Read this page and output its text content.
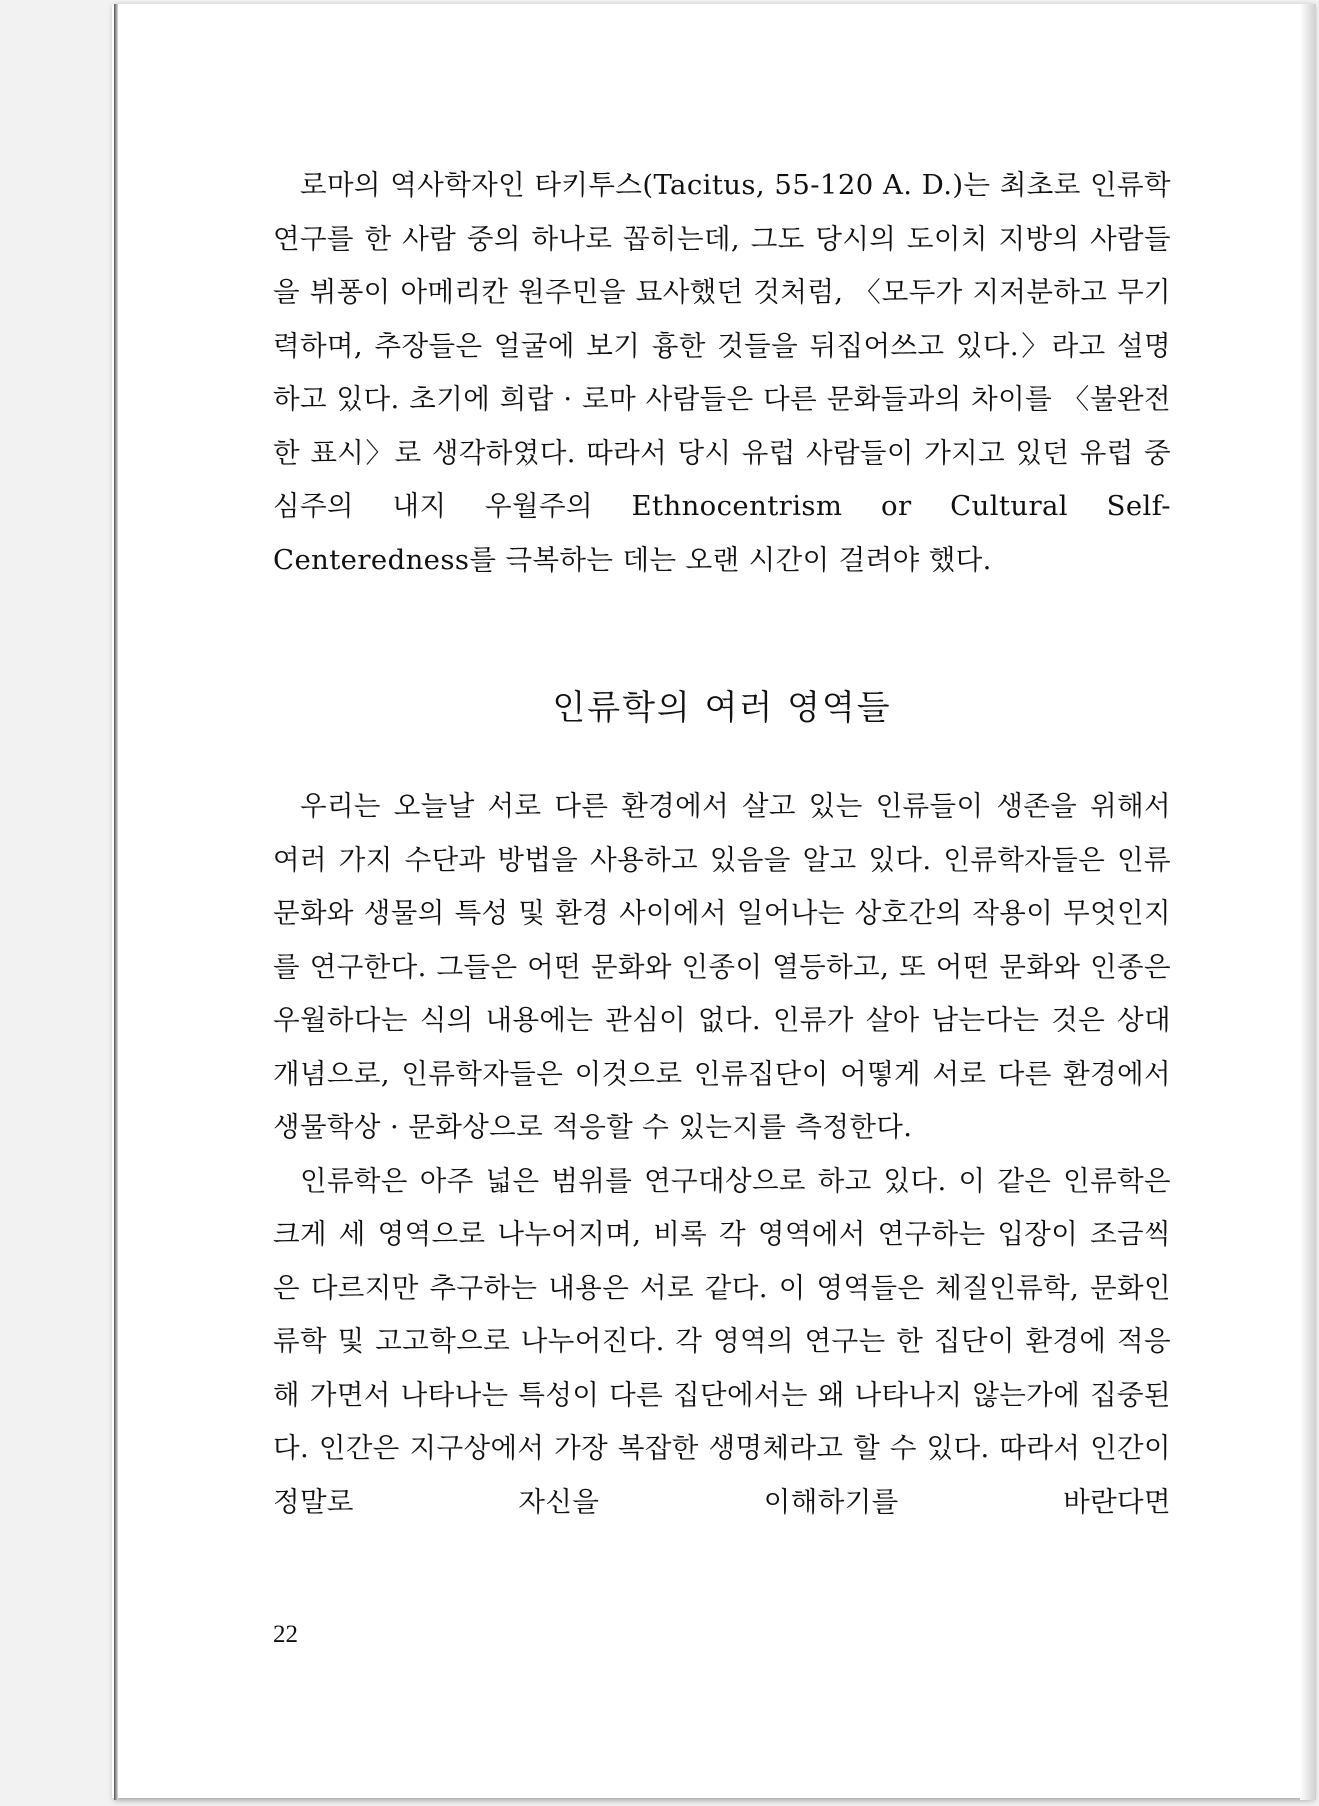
로마의 역사학자인 타키투스(Tacitus, 55-120 A. D.)는 최초로 인류학 연구를 한 사람 중의 하나로 꼽히는데, 그도 당시의 도이치 지방의 사람들을 뷔퐁이 아메리칸 원주민을 묘사했던 것처럼, 〈모두가 지저분하고 무기력하며, 추장들은 얼굴에 보기 흉한 것들을 뒤집어쓰고 있다.〉라고 설명하고 있다. 초기에 희랍 · 로마 사람들은 다른 문화들과의 차이를 〈불완전한 표시〉로 생각하였다. 따라서 당시 유럽 사람들이 가지고 있던 유럽 중심주의 내지 우월주의 Ethnocentrism or Cultural Self-Centeredness를 극복하는 데는 오랜 시간이 걸려야 했다.

인류학의 여러 영역들

우리는 오늘날 서로 다른 환경에서 살고 있는 인류들이 생존을 위해서 여러 가지 수단과 방법을 사용하고 있음을 알고 있다. 인류학자들은 인류문화와 생물의 특성 및 환경 사이에서 일어나는 상호간의 작용이 무엇인지를 연구한다. 그들은 어떤 문화와 인종이 열등하고, 또 어떤 문화와 인종은 우월하다는 식의 내용에는 관심이 없다. 인류가 살아 남는다는 것은 상대개념으로, 인류학자들은 이것으로 인류집단이 어떻게 서로 다른 환경에서 생물학상 · 문화상으로 적응할 수 있는지를 측정한다.

인류학은 아주 넓은 범위를 연구대상으로 하고 있다. 이 같은 인류학은 크게 세 영역으로 나누어지며, 비록 각 영역에서 연구하는 입장이 조금씩은 다르지만 추구하는 내용은 서로 같다. 이 영역들은 체질인류학, 문화인류학 및 고고학으로 나누어진다. 각 영역의 연구는 한 집단이 환경에 적응해 가면서 나타나는 특성이 다른 집단에서는 왜 나타나지 않는가에 집중된다. 인간은 지구상에서 가장 복잡한 생명체라고 할 수 있다. 따라서 인간이 정말로 자신을 이해하기를 바란다면

22
